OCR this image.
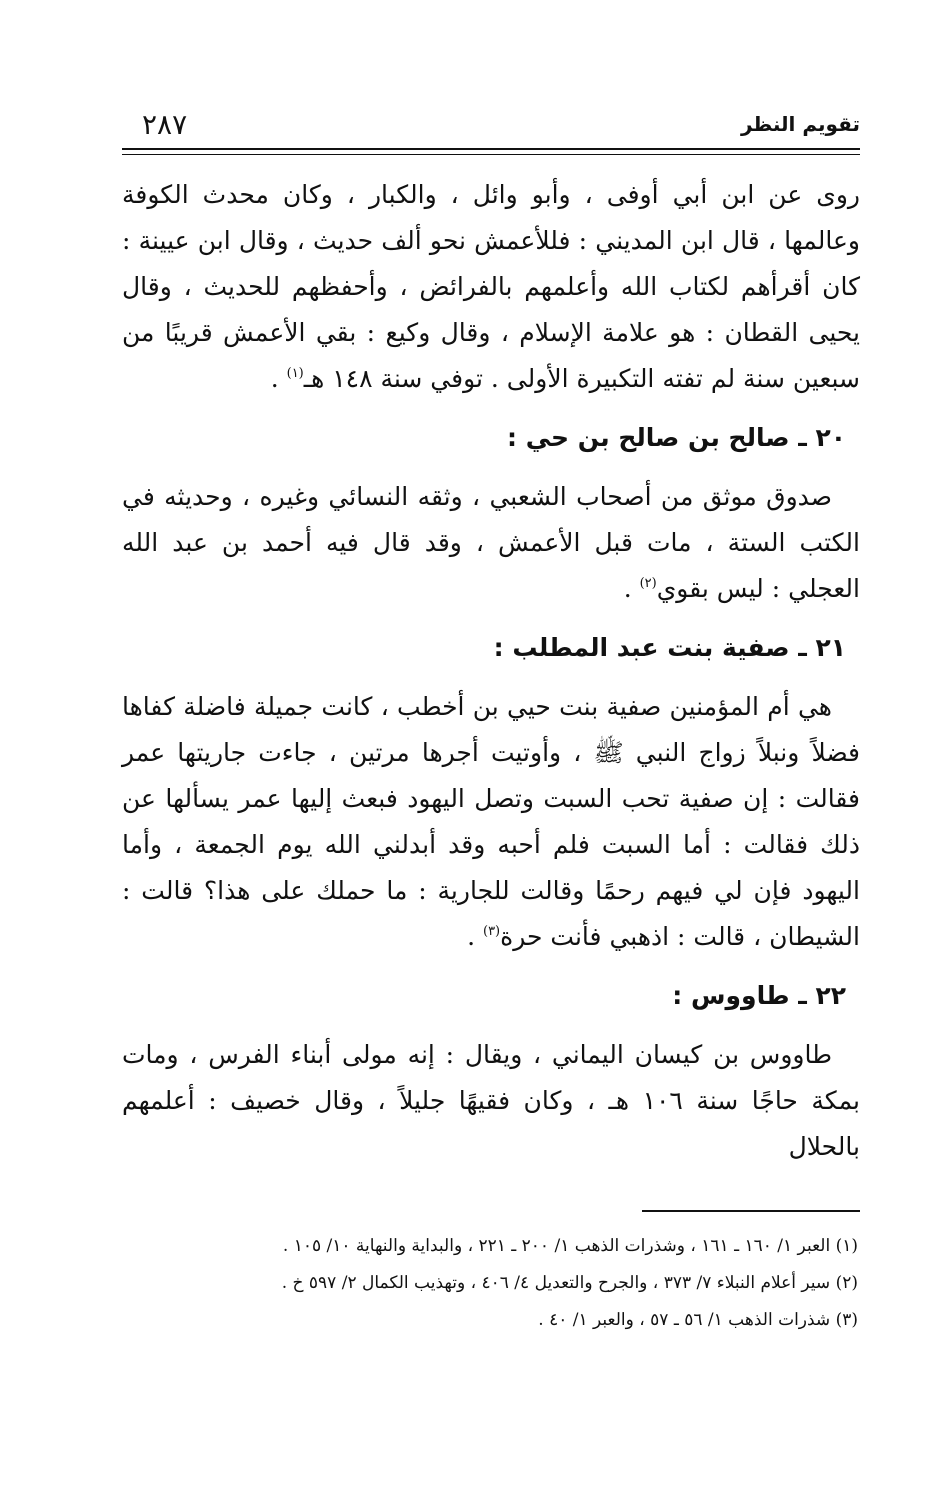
تقويم النظر
٢٨٧

روى عن ابن أبي أوفى ، وأبو وائل ، والكبار ، وكان محدث الكوفة وعالمها ، قال ابن المديني : فللأعمش نحو ألف حديث ، وقال ابن عيينة : كان أقرأهم لكتاب الله وأعلمهم بالفرائض ، وأحفظهم للحديث ، وقال يحيى القطان : هو علامة الإسلام ، وقال وكيع : بقي الأعمش قريبًا من سبعين سنة لم تفته التكبيرة الأولى . توفي سنة ١٤٨ هـ$^{(١)}$ .

٢٠ ـ صالح بن صالح بن حي :

صدوق موثق من أصحاب الشعبي ، وثقه النسائي وغيره ، وحديثه في الكتب الستة ، مات قبل الأعمش ، وقد قال فيه أحمد بن عبد الله العجلي : ليس بقوي$^{(٢)}$ .

٢١ ـ صفية بنت عبد المطلب :

هي أم المؤمنين صفية بنت حيي بن أخطب ، كانت جميلة فاضلة كفاها فضلاً ونبلاً زواج النبي ﷺ ، وأوتيت أجرها مرتين ، جاءت جاريتها عمر فقالت : إن صفية تحب السبت وتصل اليهود فبعث إليها عمر يسألها عن ذلك فقالت : أما السبت فلم أحبه وقد أبدلني الله يوم الجمعة ، وأما اليهود فإن لي فيهم رحمًا وقالت للجارية : ما حملك على هذا؟ قالت : الشيطان ، قالت : اذهبي فأنت حرة$^{(٣)}$ .

٢٢ ـ طاووس :

طاووس بن كيسان اليماني ، ويقال : إنه مولى أبناء الفرس ، ومات بمكة حاجًا سنة ١٠٦ هـ ، وكان فقيهًا جليلاً ، وقال خصيف : أعلمهم بالحلال

(١) العبر ١/ ١٦٠ ـ ١٦١ ، وشذرات الذهب ١/ ٢٠٠ ـ ٢٢١ ، والبداية والنهاية ١٠/ ١٠٥ .

(٢) سير أعلام النبلاء ٧/ ٣٧٣ ، والجرح والتعديل ٤/ ٤٠٦ ، وتهذيب الكمال ٢/ ٥٩٧ خ .

(٣) شذرات الذهب ١/ ٥٦ ـ ٥٧ ، والعبر ١/ ٤٠ .
